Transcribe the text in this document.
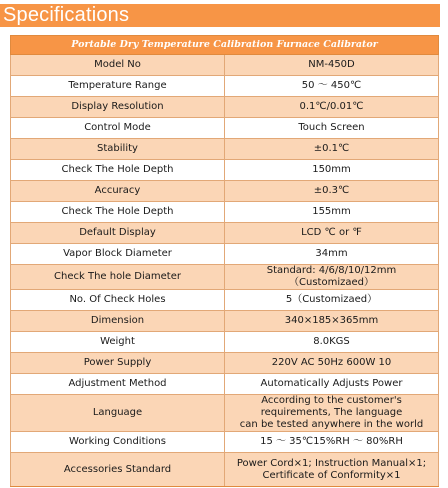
Specifications
Portable Dry Temperature Calibration Furnace Calibrator	
Model No	NM-450D
Temperature Range	50 ～ 450℃
Display Resolution	0.1℃/0.01℃
Control Mode	Touch Screen
Stability	±0.1℃
Check The Hole Depth	150mm
Accuracy	±0.3℃
Check The Hole Depth	155mm
Default Display	LCD ℃ or ℉
Vapor Block Diameter	34mm
Check The hole Diameter	Standard: 4/6/8/10/12mm（Customizaed）
No. Of Check Holes	5（Customizaed）
Dimension	340×185×365mm
Weight	8.0KGS
Power Supply	220V AC 50Hz 600W 10
Adjustment Method	Automatically Adjusts Power
Language	According to the customer's requirements, The language
can be tested anywhere in the world

Working Conditions	15 ～ 35℃15%RH ～ 80%RH
Accessories Standard	Power Cord×1; Instruction Manual×1;
Certificate of Conformity×1
